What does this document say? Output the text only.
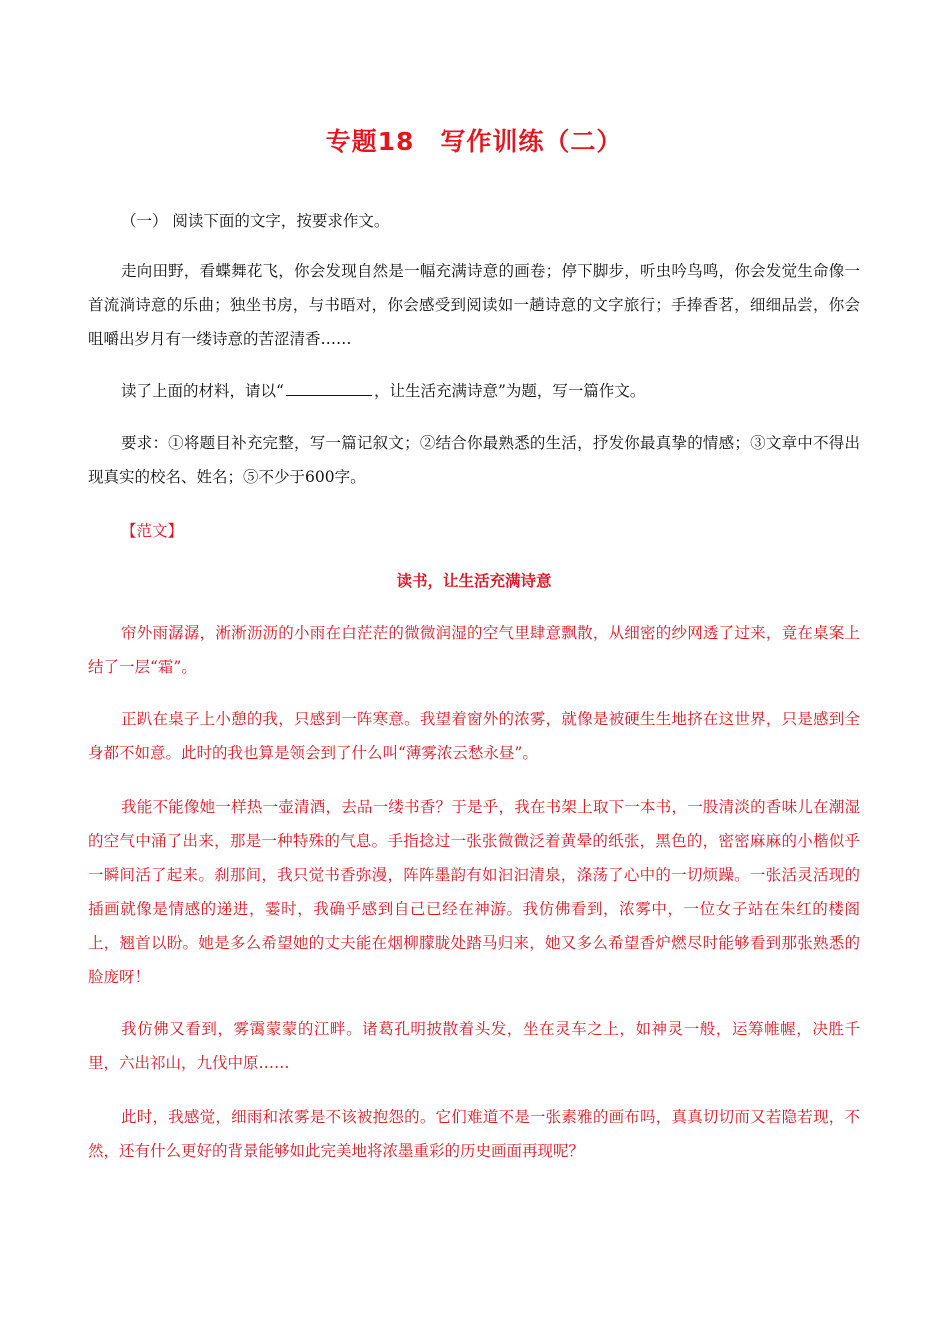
专题18　写作训练（二）
（一） 阅读下面的文字，按要求作文。
走向田野，看蝶舞花飞，你会发现自然是一幅充满诗意的画卷；停下脚步，听虫吟鸟鸣，你会发觉生命像一首流淌诗意的乐曲；独坐书房，与书晤对，你会感受到阅读如一趟诗意的文字旅行；手捧香茗，细细品尝，你会咀嚼出岁月有一缕诗意的苦涩清香……
读了上面的材料，请以“	，让生活充满诗意”为题，写一篇作文。
要求：①将题目补充完整，写一篇记叙文；②结合你最熟悉的生活，抒发你最真挚的情感；③文章中不得出现真实的校名、姓名；⑤不少于600字。
【范文】
读书，让生活充满诗意
帘外雨潺潺，淅淅沥沥的小雨在白茫茫的微微润湿的空气里肆意飘散，从细密的纱网透了过来，竟在桌案上结了一层“霜”。
正趴在桌子上小憩的我，只感到一阵寒意。我望着窗外的浓雾，就像是被硬生生地挤在这世界，只是感到全身都不如意。此时的我也算是领会到了什么叫“薄雾浓云愁永昼”。
我能不能像她一样热一壶清酒，去品一缕书香？于是乎，我在书架上取下一本书，一股清淡的香味儿在潮湿的空气中涌了出来，那是一种特殊的气息。手指捻过一张张微微泛着黄晕的纸张，黑色的，密密麻麻的小楷似乎一瞬间活了起来。刹那间，我只觉书香弥漫，阵阵墨韵有如汩汩清泉，涤荡了心中的一切烦躁。一张活灵活现的插画就像是情感的递进，霎时，我确乎感到自己已经在神游。我仿佛看到，浓雾中，一位女子站在朱红的楼阁上，翘首以盼。她是多么希望她的丈夫能在烟柳朦胧处踏马归来，她又多么希望香炉燃尽时能够看到那张熟悉的脸庞呀！
我仿佛又看到，雾霭蒙蒙的江畔。诸葛孔明披散着头发，坐在灵车之上，如神灵一般，运筹帷幄，决胜千里，六出祁山，九伐中原……
此时，我感觉，细雨和浓雾是不该被抱怨的。它们难道不是一张素雅的画布吗，真真切切而又若隐若现，不然，还有什么更好的背景能够如此完美地将浓墨重彩的历史画面再现呢？
